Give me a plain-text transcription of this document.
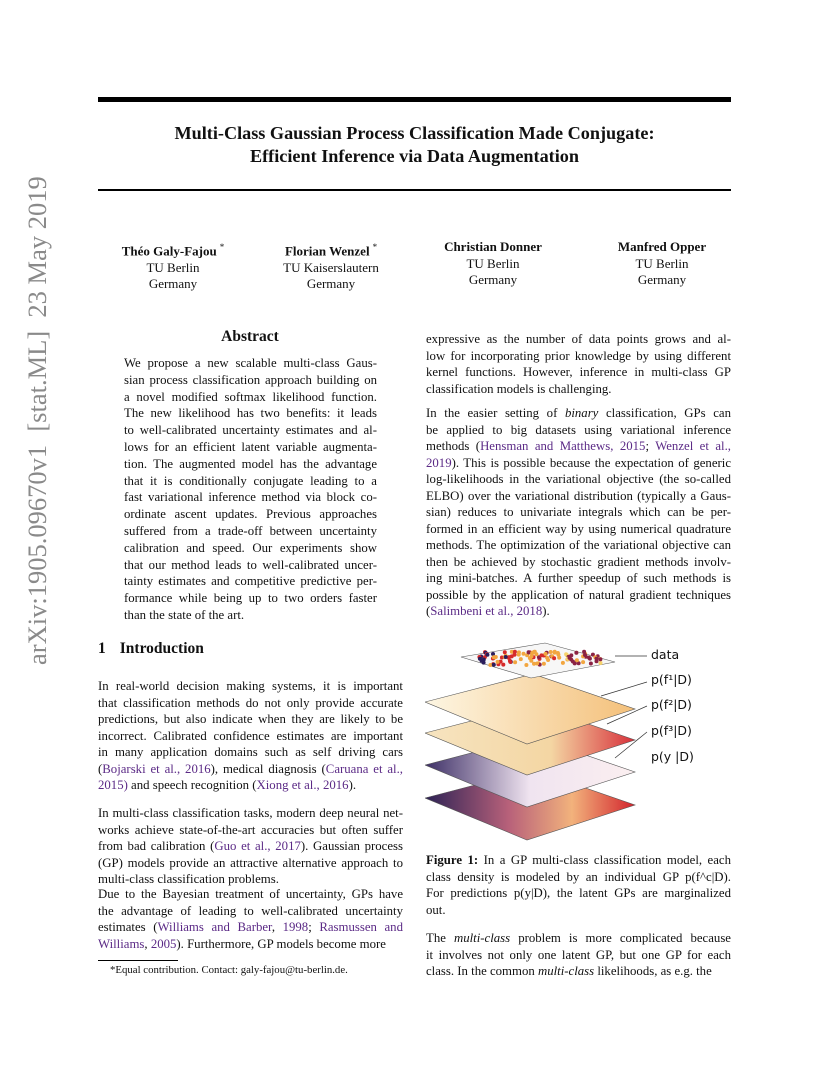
Multi-Class Gaussian Process Classification Made Conjugate:
Efficient Inference via Data Augmentation
Théo Galy-Fajou *
TU Berlin
Germany
Florian Wenzel *
TU Kaiserslautern
Germany
Christian Donner
TU Berlin
Germany
Manfred Opper
TU Berlin
Germany
arXiv:1905.09670v1  [stat.ML]  23 May 2019	Abstract
We propose a new scalable multi-class Gaus-
sian process classification approach building on
a novel modified softmax likelihood function.
The new likelihood has two benefits: it leads
to well-calibrated uncertainty estimates and al-
lows for an efficient latent variable augmenta-
tion. The augmented model has the advantage
that it is conditionally conjugate leading to a
fast variational inference method via block co-
ordinate ascent updates. Previous approaches
suffered from a trade-off between uncertainty
calibration and speed. Our experiments show
that our method leads to well-calibrated uncer-
tainty estimates and competitive predictive per-
formance while being up to two orders faster
than the state of the art.
1 Introduction
In real-world decision making systems, it is important
that classification methods do not only provide accurate
predictions, but also indicate when they are likely to be
incorrect. Calibrated confidence estimates are important
in many application domains such as self driving cars
(Bojarski et al., 2016), medical diagnosis (Caruana et al.,
2015) and speech recognition (Xiong et al., 2016).
In multi-class classification tasks, modern deep neural net-
works achieve state-of-the-art accuracies but often suffer
from bad calibration (Guo et al., 2017). Gaussian process
(GP) models provide an attractive alternative approach to
multi-class classification problems.
Due to the Bayesian treatment of uncertainty, GPs have
the advantage of leading to well-calibrated uncertainty
estimates (Williams and Barber, 1998; Rasmussen and
Williams, 2005). Furthermore, GP models become more
*Equal contribution. Contact: galy-fajou@tu-berlin.de.
expressive as the number of data points grows and al-
low for incorporating prior knowledge by using different
kernel functions. However, inference in multi-class GP
classification models is challenging.
In the easier setting of binary classification, GPs can
be applied to big datasets using variational inference
methods (Hensman and Matthews, 2015; Wenzel et al.,
2019). This is possible because the expectation of generic
log-likelihoods in the variational objective (the so-called
ELBO) over the variational distribution (typically a Gaus-
sian) reduces to univariate integrals which can be per-
formed in an efficient way by using numerical quadrature
methods. The optimization of the variational objective can
then be achieved by stochastic gradient methods involv-
ing mini-batches. A further speedup of such methods is
possible by the application of natural gradient techniques
(Salimbeni et al., 2018).
data
p(f¹|D)
p(f²|D)
p(f³|D)
p(y |D)
Figure 1: In a GP multi-class classification model, each
class density is modeled by an individual GP p(f^c|D).
For predictions p(y|D), the latent GPs are marginalized
out.
The multi-class problem is more complicated because
it involves not only one latent GP, but one GP for each
class. In the common multi-class likelihoods, as e.g. the
